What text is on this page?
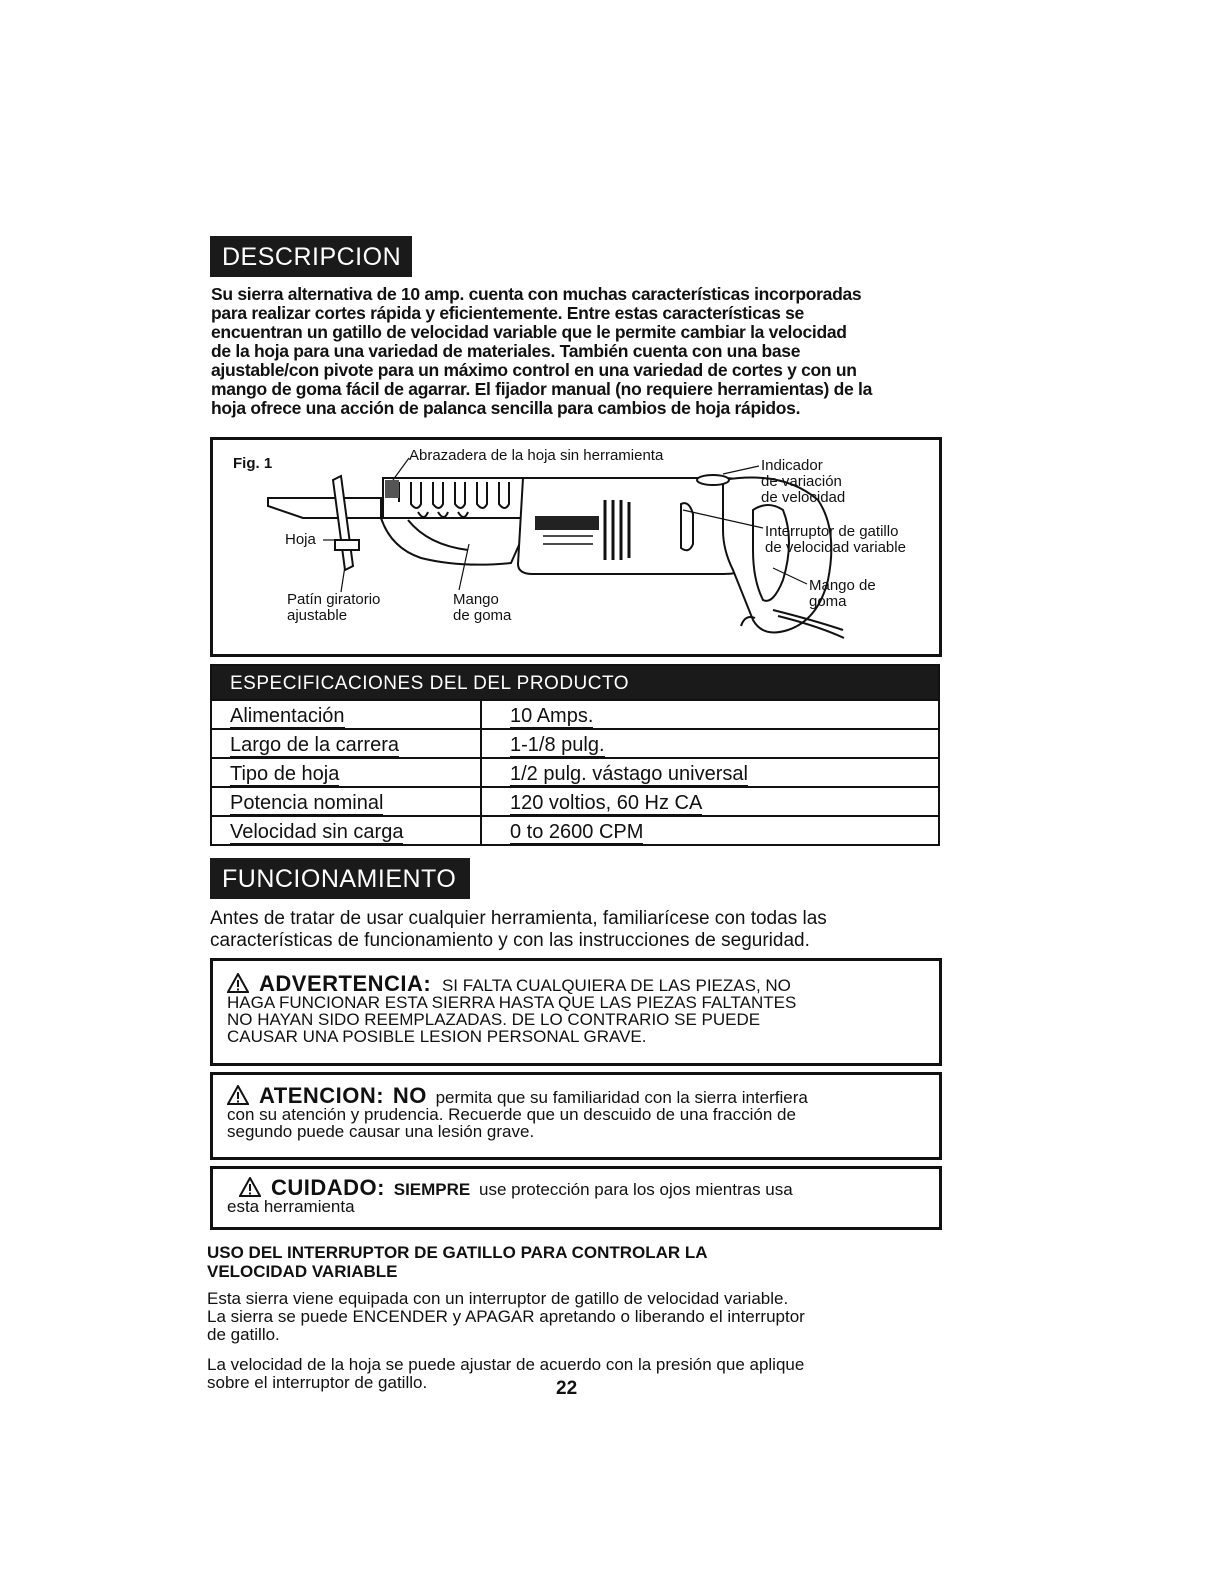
DESCRIPCION
Su sierra alternativa de 10 amp. cuenta con muchas características incorporadas
para realizar cortes rápida y eficientemente. Entre estas características se
encuentran un gatillo de velocidad variable que le permite cambiar la velocidad
de la hoja para una variedad de materiales. También cuenta con una base
ajustable/con pivote para un máximo control en una variedad de cortes y con un
mango de goma fácil de agarrar. El fijador manual (no requiere herramientas) de la
hoja ofrece una acción de palanca sencilla para cambios de hoja rápidos.
Fig. 1	Abrazadera de la hoja sin herramienta
Indicador
de variación
de velocidad
Interruptor de gatillo
de velocidad variable
Mango de
goma
Hoja
Patín giratorio
ajustable
Mango
de goma
ESPECIFICACIONES DEL DEL PRODUCTO
Alimentación	10 Amps.
Largo de la carrera	1-1/8 pulg.
Tipo de hoja	1/2 pulg. vástago universal
Potencia nominal	120 voltios, 60 Hz CA
Velocidad sin carga	0 to 2600 CPM
FUNCIONAMIENTO
Antes de tratar de usar cualquier herramienta, familiarícese con todas las
características de funcionamiento y con las instrucciones de seguridad.
ADVERTENCIA: SI FALTA CUALQUIERA DE LAS PIEZAS, NO
HAGA FUNCIONAR ESTA SIERRA HASTA QUE LAS PIEZAS FALTANTES
NO HAYAN SIDO REEMPLAZADAS. DE LO CONTRARIO SE PUEDE
CAUSAR UNA POSIBLE LESION PERSONAL GRAVE.
ATENCION: NO permita que su familiaridad con la sierra interfiera
con su atención y prudencia. Recuerde que un descuido de una fracción de
segundo puede causar una lesión grave.
CUIDADO: SIEMPRE use protección para los ojos mientras usa
esta herramienta
USO DEL INTERRUPTOR DE GATILLO PARA CONTROLAR LA
VELOCIDAD VARIABLE
Esta sierra viene equipada con un interruptor de gatillo de velocidad variable.
La sierra se puede ENCENDER y APAGAR apretando o liberando el interruptor
de gatillo.
La velocidad de la hoja se puede ajustar de acuerdo con la presión que aplique
sobre el interruptor de gatillo.	22
